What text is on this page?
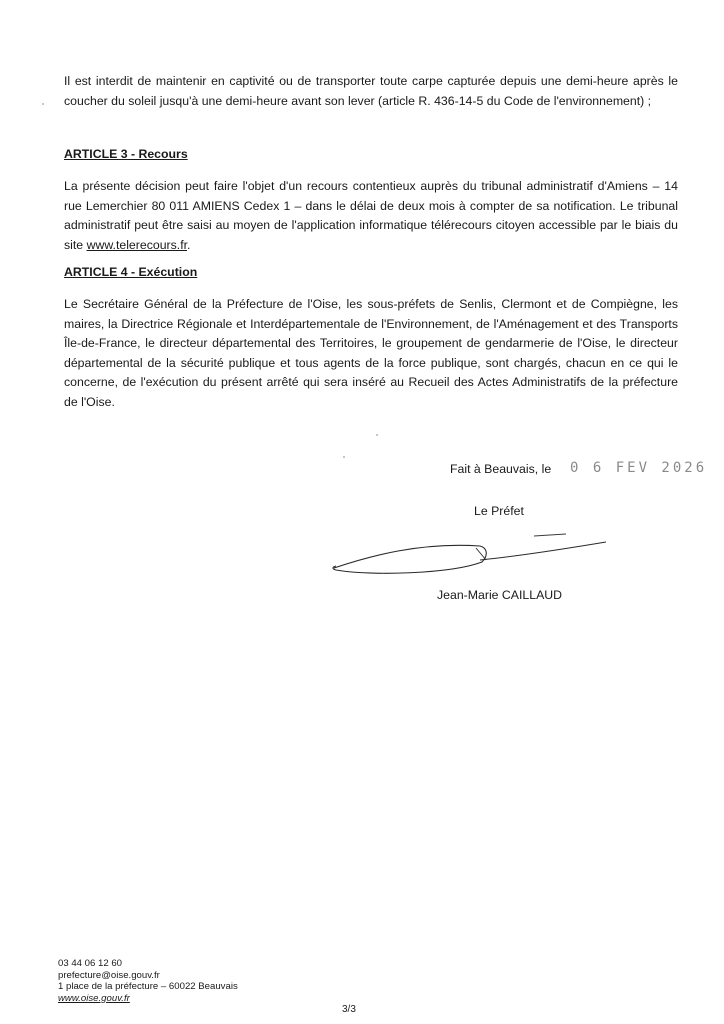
Il est interdit de maintenir en captivité ou de transporter toute carpe capturée depuis une demi-heure après le coucher du soleil jusqu'à une demi-heure avant son lever (article R. 436-14-5 du Code de l'environnement) ;

ARTICLE 3 - Recours

La présente décision peut faire l'objet d'un recours contentieux auprès du tribunal administratif d'Amiens – 14 rue Lemerchier 80 011 AMIENS Cedex 1 – dans le délai de deux mois à compter de sa notification. Le tribunal administratif peut être saisi au moyen de l'application informatique télérecours citoyen accessible par le biais du site www.telerecours.fr.

ARTICLE 4 - Exécution

Le Secrétaire Général de la Préfecture de l'Oise, les sous-préfets de Senlis, Clermont et de Compiègne, les maires, la Directrice Régionale et Interdépartementale de l'Environnement, de l'Aménagement et des Transports Île-de-France, le directeur départemental des Territoires, le groupement de gendarmerie de l'Oise, le directeur départemental de la sécurité publique et tous agents de la force publique, sont chargés, chacun en ce qui le concerne, de l'exécution du présent arrêté qui sera inséré au Recueil des Actes Administratifs de la préfecture de l'Oise.

Fait à Beauvais, le 0 6 FEV 2026
Le Préfet
Jean-Marie CAILLAUD
03 44 06 12 60
prefecture@oise.gouv.fr
1 place de la préfecture – 60022 Beauvais
www.oise.gouv.fr
3/3
